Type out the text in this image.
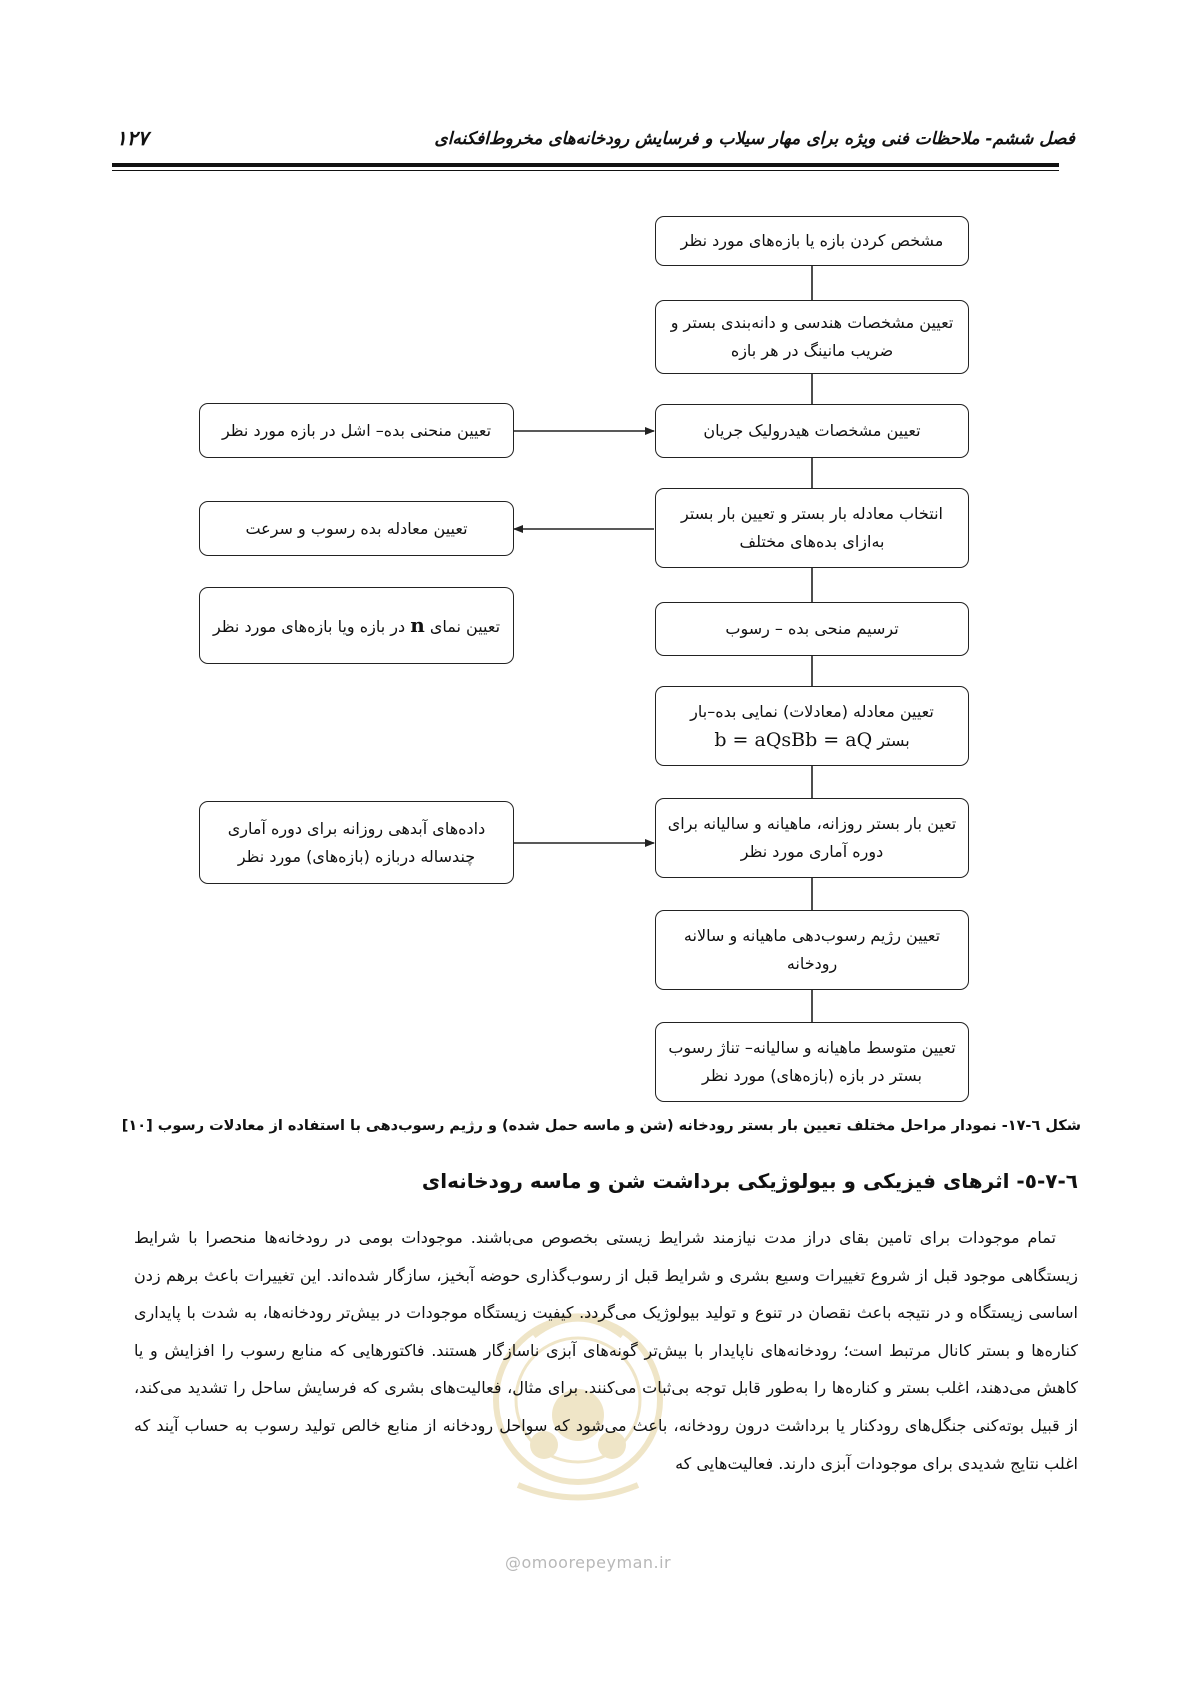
فصل ششم- ملاحظات فنی ویژه برای مهار سیلاب و فرسایش رودخانه‌های مخروط‌افکنه‌ای
۱۲۷
مشخص کردن بازه یا بازه‌های مورد نظر
تعیین مشخصات هندسی و دانه‌بندی بستر و ضریب مانینگ در هر بازه
تعیین مشخصات هیدرولیک جریان
انتخاب معادله بار بستر و تعیین بار بستر به‌ازای بده‌های مختلف
ترسیم منحی بده – رسوب
تعیین معادله (معادلات) نمایی بده–بار
بستر b = aQsBb = aQ
تعین بار بستر روزانه، ماهیانه و سالیانه برای دوره آماری مورد نظر
تعیین رژیم رسوب‌دهی ماهیانه و سالانه رودخانه
تعیین متوسط ماهیانه و سالیانه– تناژ رسوب بستر در بازه (بازه‌های) مورد نظر
تعیین منحنی بده– اشل در بازه مورد نظر
تعیین معادله بده رسوب و سرعت
تعیین نمای n در بازه ویا بازه‌های مورد نظر
داده‌های آبدهی روزانه برای دوره آماری چندساله دربازه (بازه‌های) مورد نظر
شکل ٦-١٧- نمودار مراحل مختلف تعیین بار بستر رودخانه (شن و ماسه حمل شده) و رژیم رسوب‌دهی با استفاده از معادلات رسوب [١٠]
٦-٧-٥- اثرهای فیزیکی و بیولوژیکی برداشت شن و ماسه رودخانه‌ای

تمام موجودات برای تامین بقای دراز مدت نیازمند شرایط زیستی بخصوص می‌باشند. موجودات بومی در رودخانه‌ها منحصرا با شرایط زیستگاهی موجود قبل از شروع تغییرات وسیع بشری و شرایط قبل از رسوب‌گذاری حوضه آبخیز، سازگار شده‌اند. این تغییرات باعث برهم زدن اساسی زیستگاه و در نتیجه باعث نقصان در تنوع و تولید بیولوژیک می‌گردد. کیفیت زیستگاه موجودات در بیش‌تر رودخانه‌ها، به شدت با پایداری کناره‌ها و بستر کانال مرتبط است؛ رودخانه‌های ناپایدار با بیش‌تر گونه‌های آبزی ناسازگار هستند. فاکتورهایی که منابع رسوب را افزایش و یا کاهش می‌دهند، اغلب بستر و کناره‌ها را به‌طور قابل توجه بی‌ثبات می‌کنند. برای مثال، فعالیت‌های بشری که فرسایش ساحل را تشدید می‌کند، از قبیل بوته‌کنی جنگل‌های رودکنار یا برداشت درون رودخانه، باعث می‌شود که سواحل رودخانه از منابع خالص تولید رسوب به حساب آیند که اغلب نتایج شدیدی برای موجودات آبزی دارند. فعالیت‌هایی که

@omoorepeyman.ir
